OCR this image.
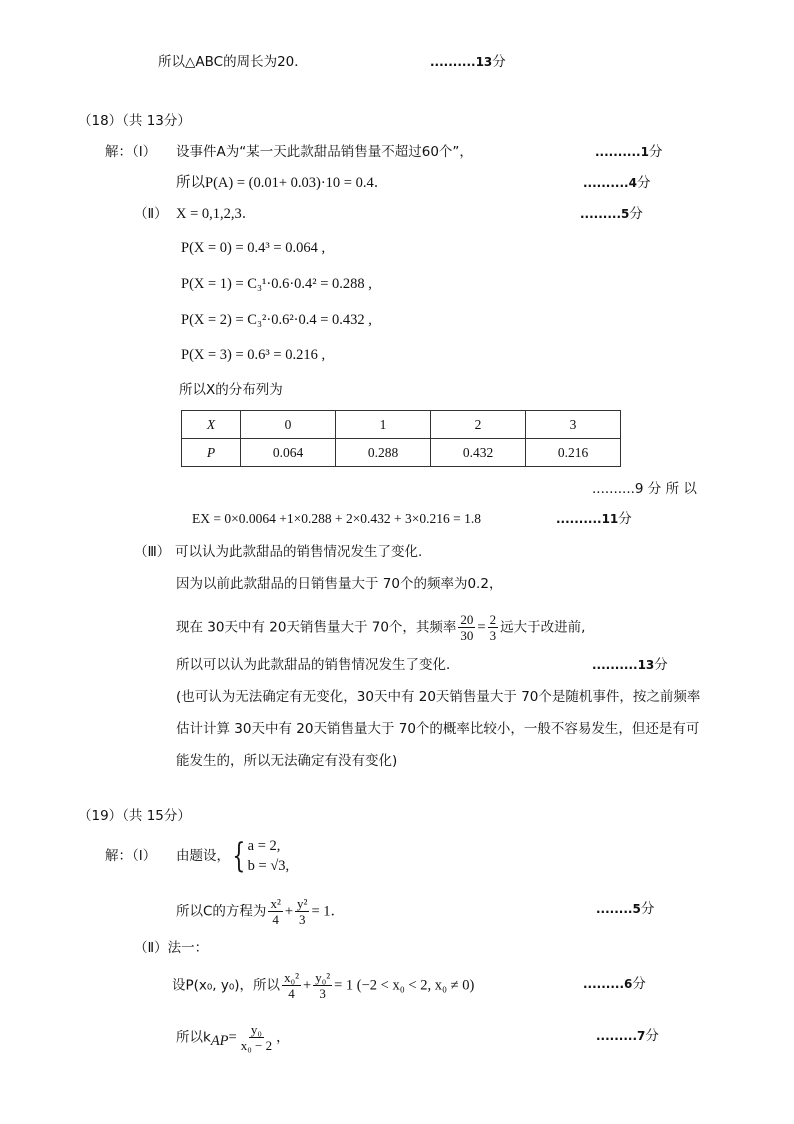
所以△ABC的周长为20．	..........13分
（18）（共 13分）
解：（Ⅰ） 设事件A为“某一天此款甜品销售量不超过60个”，	..........1分
所以P(A) = (0.01+ 0.03)·10 = 0.4．	..........4分
（Ⅱ） X = 0,1,2,3．	.........5分
P(X = 0) = 0.4³ = 0.064 ,
P(X = 1) = C₃¹·0.6·0.4² = 0.288 ,
P(X = 2) = C₃²·0.6²·0.4 = 0.432 ,
P(X = 3) = 0.6³ = 0.216 ,
所以X的分布列为
X	0	1	2	3
P	0.064	0.288	0.432	0.216
..........9 分 所 以
EX = 0×0.0064 +1×0.288 + 2×0.432 + 3×0.216 = 1.8	..........11分
（Ⅲ） 可以认为此款甜品的销售情况发生了变化.
因为以前此款甜品的日销售量大于 70个的频率为0.2，
现在 30天中有 20天销售量大于 70个，其频率 $\frac{20}{30} = \frac{2}{3}$ 远大于改进前,
所以可以认为此款甜品的销售情况发生了变化．	..........13分
(也可认为无法确定有无变化，30天中有 20天销售量大于 70个是随机事件，按之前频率
估计计算 30天中有 20天销售量大于 70个的概率比较小，一般不容易发生，但还是有可
能发生的，所以无法确定有没有变化)
（19）（共 15分）
解：（Ⅰ） 由题设， { a = 2,
b = √3,
所以C的方程为 $\frac{\text{x²}}{4} + \frac{\text{y²}}{3} = 1$．	........5分
（Ⅱ）法一：
设P(x₀, y₀)，所以 $\frac{\text{x₀²}}{4} + \frac{\text{y₀²}}{3} = 1$ (−2 < x₀ < 2, x₀ ≠ 0)	.........6分
所以$k_{AP}= \frac{\text{y₀}}{\text{x₀ − 2}}$ ，	.........7分
